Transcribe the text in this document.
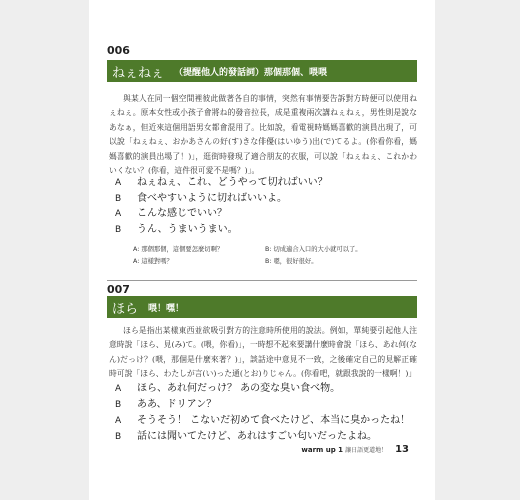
006
ねぇねぇ （提醒他人的發話詞）那個那個、喂喂

與某人在同一個空間裡彼此做著各自的事情，突然有事情要告訴對方時便可以使用ねぇねぇ。原本女性或小孩子會將ね的發音拉長，成是重複兩次講ねぇねぇ，男性則是說なあなぁ，但近來這個用語男女都會混用了。比如說，看電視時媽媽喜歡的演員出現了，可以說「ねぇねぇ、おかあさんの好(す)きな俳優(はいゆう)出(で)てるよ。(你看你看，媽媽喜歡的演員出場了！)」，逛街時發現了適合朋友的衣服，可以說「ねぇねぇ、これかわいくない？(你看，這件很可愛不是嗎？)」。

A	ねぇねぇ、これ、どうやって切ればいい？
B	食べやすいように切ればいいよ。
A	こんな感じでいい？
B	うん、うまいうまい。
A: 那個那個，這個要怎麼切啊？	B: 切成適合入口的大小就可以了。
A: 這樣對嗎？	B: 嗯，很好很好。
007
ほら 喂！嘿！

ほら是指出某樣東西並欲吸引對方的注意時所使用的說法。例如，單純要引起他人注意時說「ほら、見(み)て。(喂，你看)」，一時想不起來要講什麼時會說「ほら、あれ何(なん)だっけ？(喂，那個是什麼來著？)」，談話途中意見不一致，之後確定自己的見解正確時可說「ほら、わたしが言(い)った通(とお)りじゃん。(你看吧，就跟我說的一樣啊！)」

A	ほら、あれ何だっけ？ あの変な臭い食べ物。
B	ああ、ドリアン？
A	そうそう！ こないだ初めて食べたけど、本当に臭かったね！
B	話には聞いてたけど、あれはすごい匂いだったよね。
warm up 1 讓日語更道地！ 13
